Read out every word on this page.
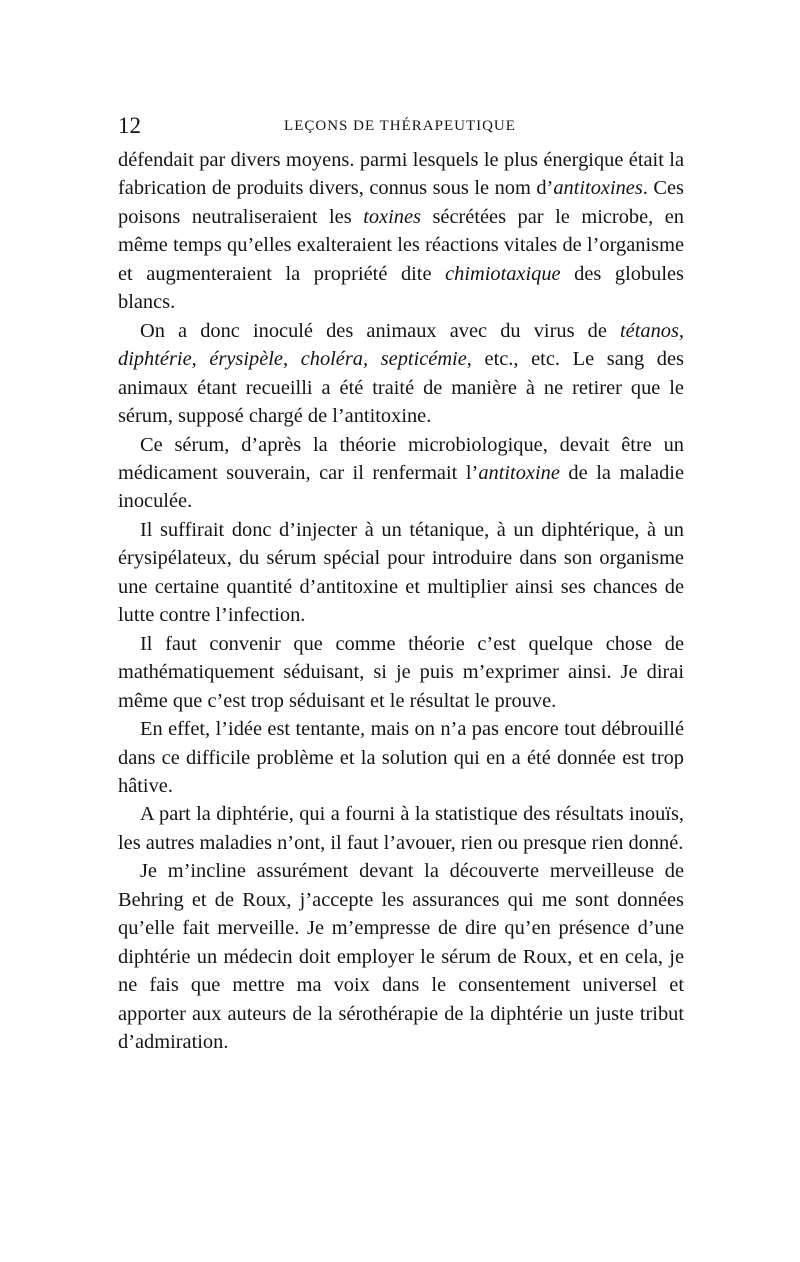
12	LEÇONS DE THÉRAPEUTIQUE

défendait par divers moyens. parmi lesquels le plus énergique était la fabrication de produits divers, connus sous le nom d’antitoxines. Ces poisons neutraliseraient les toxines sécrétées par le microbe, en même temps qu’elles exalteraient les réactions vitales de l’organisme et augmenteraient la propriété dite chimiotaxique des globules blancs.

On a donc inoculé des animaux avec du virus de tétanos, diphtérie, érysipèle, choléra, septicémie, etc., etc. Le sang des animaux étant recueilli a été traité de manière à ne retirer que le sérum, supposé chargé de l’antitoxine.

Ce sérum, d’après la théorie microbiologique, devait être un médicament souverain, car il renfermait l’antitoxine de la maladie inoculée.

Il suffirait donc d’injecter à un tétanique, à un diphtérique, à un érysipélateux, du sérum spécial pour introduire dans son organisme une certaine quantité d’antitoxine et multiplier ainsi ses chances de lutte contre l’infection.

Il faut convenir que comme théorie c’est quelque chose de mathématiquement séduisant, si je puis m’exprimer ainsi. Je dirai même que c’est trop séduisant et le résultat le prouve.

En effet, l’idée est tentante, mais on n’a pas encore tout débrouillé dans ce difficile problème et la solution qui en a été donnée est trop hâtive.

A part la diphtérie, qui a fourni à la statistique des résultats inouïs, les autres maladies n’ont, il faut l’avouer, rien ou presque rien donné.

Je m’incline assurément devant la découverte merveilleuse de Behring et de Roux, j’accepte les assurances qui me sont données qu’elle fait merveille. Je m’empresse de dire qu’en présence d’une diphtérie un médecin doit employer le sérum de Roux, et en cela, je ne fais que mettre ma voix dans le consentement universel et apporter aux auteurs de la sérothérapie de la diphtérie un juste tribut d’admiration.
